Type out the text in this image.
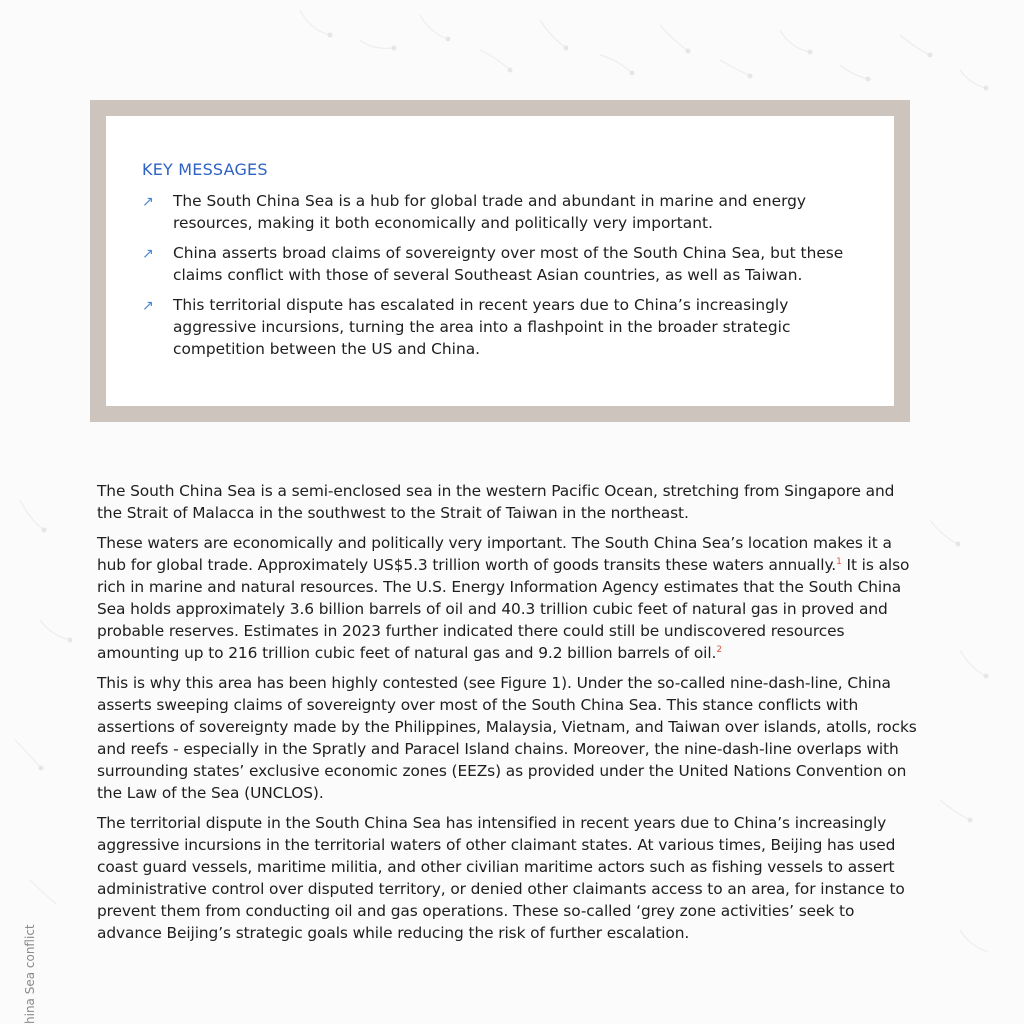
KEY MESSAGES
↗	The South China Sea is a hub for global trade and abundant in marine and energy resources, making it both economically and politically very important.
↗	China asserts broad claims of sovereignty over most of the South China Sea, but these claims conflict with those of several Southeast Asian countries, as well as Taiwan.
↗	This territorial dispute has escalated in recent years due to China’s increasingly aggressive incursions, turning the area into a flashpoint in the broader strategic competition between the US and China.

The South China Sea is a semi-enclosed sea in the western Pacific Ocean, stretching from Singapore and the Strait of Malacca in the southwest to the Strait of Taiwan in the northeast.

These waters are economically and politically very important. The South China Sea’s location makes it a hub for global trade. Approximately US$5.3 trillion worth of goods transits these waters annually.$^1$ It is also rich in marine and natural resources. The U.S. Energy Information Agency estimates that the South China Sea holds approximately 3.6 billion barrels of oil and 40.3 trillion cubic feet of natural gas in proved and probable reserves. Estimates in 2023 further indicated there could still be undiscovered resources amounting up to 216 trillion cubic feet of natural gas and 9.2 billion barrels of oil.$^2$

This is why this area has been highly contested (see Figure 1). Under the so-called nine-dash-line, China asserts sweeping claims of sovereignty over most of the South China Sea. This stance conflicts with assertions of sovereignty made by the Philippines, Malaysia, Vietnam, and Taiwan over islands, atolls, rocks and reefs - especially in the Spratly and Paracel Island chains. Moreover, the nine-dash-line overlaps with surrounding states’ exclusive economic zones (EEZs) as provided under the United Nations Convention on the Law of the Sea (UNCLOS).

The territorial dispute in the South China Sea has intensified in recent years due to China’s increasingly aggressive incursions in the territorial waters of other claimant states. At various times, Beijing has used coast guard vessels, maritime militia, and other civilian maritime actors such as fishing vessels to assert administrative control over disputed territory, or denied other claimants access to an area, for instance to prevent them from conducting oil and gas operations. These so-called ‘grey zone activities’ seek to advance Beijing’s strategic goals while reducing the risk of further escalation.

hina Sea conflict
